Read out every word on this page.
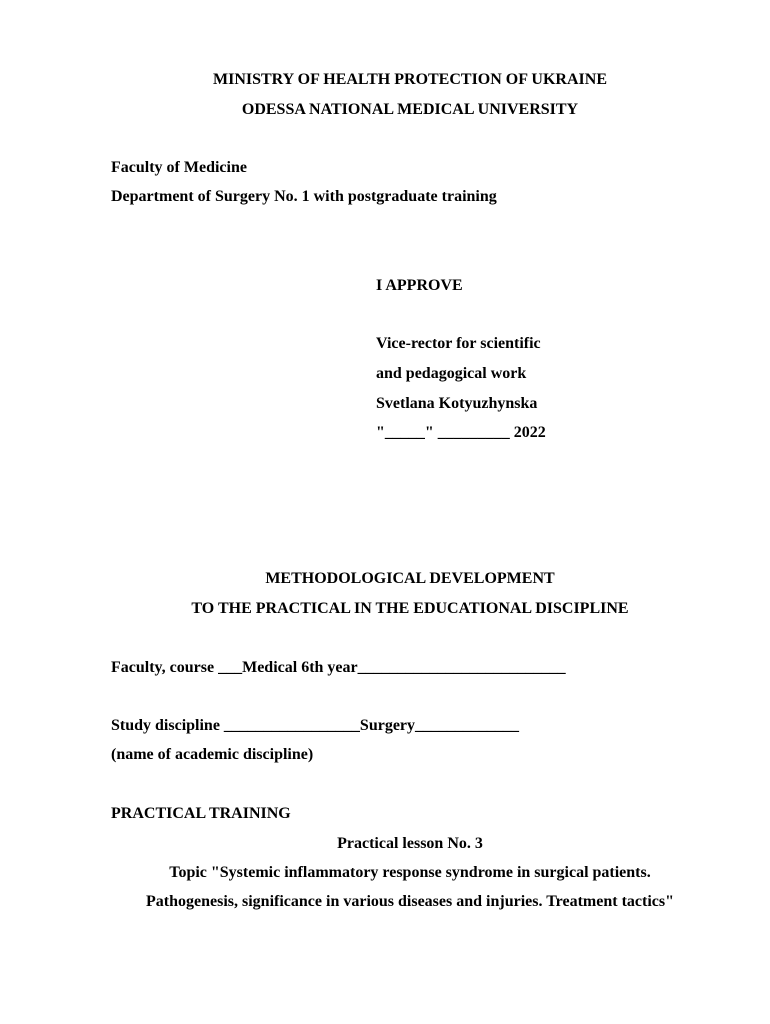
MINISTRY OF HEALTH PROTECTION OF UKRAINE
ODESSA NATIONAL MEDICAL UNIVERSITY
Faculty of Medicine
Department of Surgery No. 1 with postgraduate training
I APPROVE
Vice-rector for scientific
and pedagogical work
Svetlana Kotyuzhynska
"_____" _________ 2022
METHODOLOGICAL DEVELOPMENT
TO THE PRACTICAL IN THE EDUCATIONAL DISCIPLINE
Faculty, course ___Medical 6th year__________________________
Study discipline _________________Surgery_____________
(name of academic discipline)
PRACTICAL TRAINING
Practical lesson No. 3
Topic "Systemic inflammatory response syndrome in surgical patients.
Pathogenesis, significance in various diseases and injuries. Treatment tactics"
